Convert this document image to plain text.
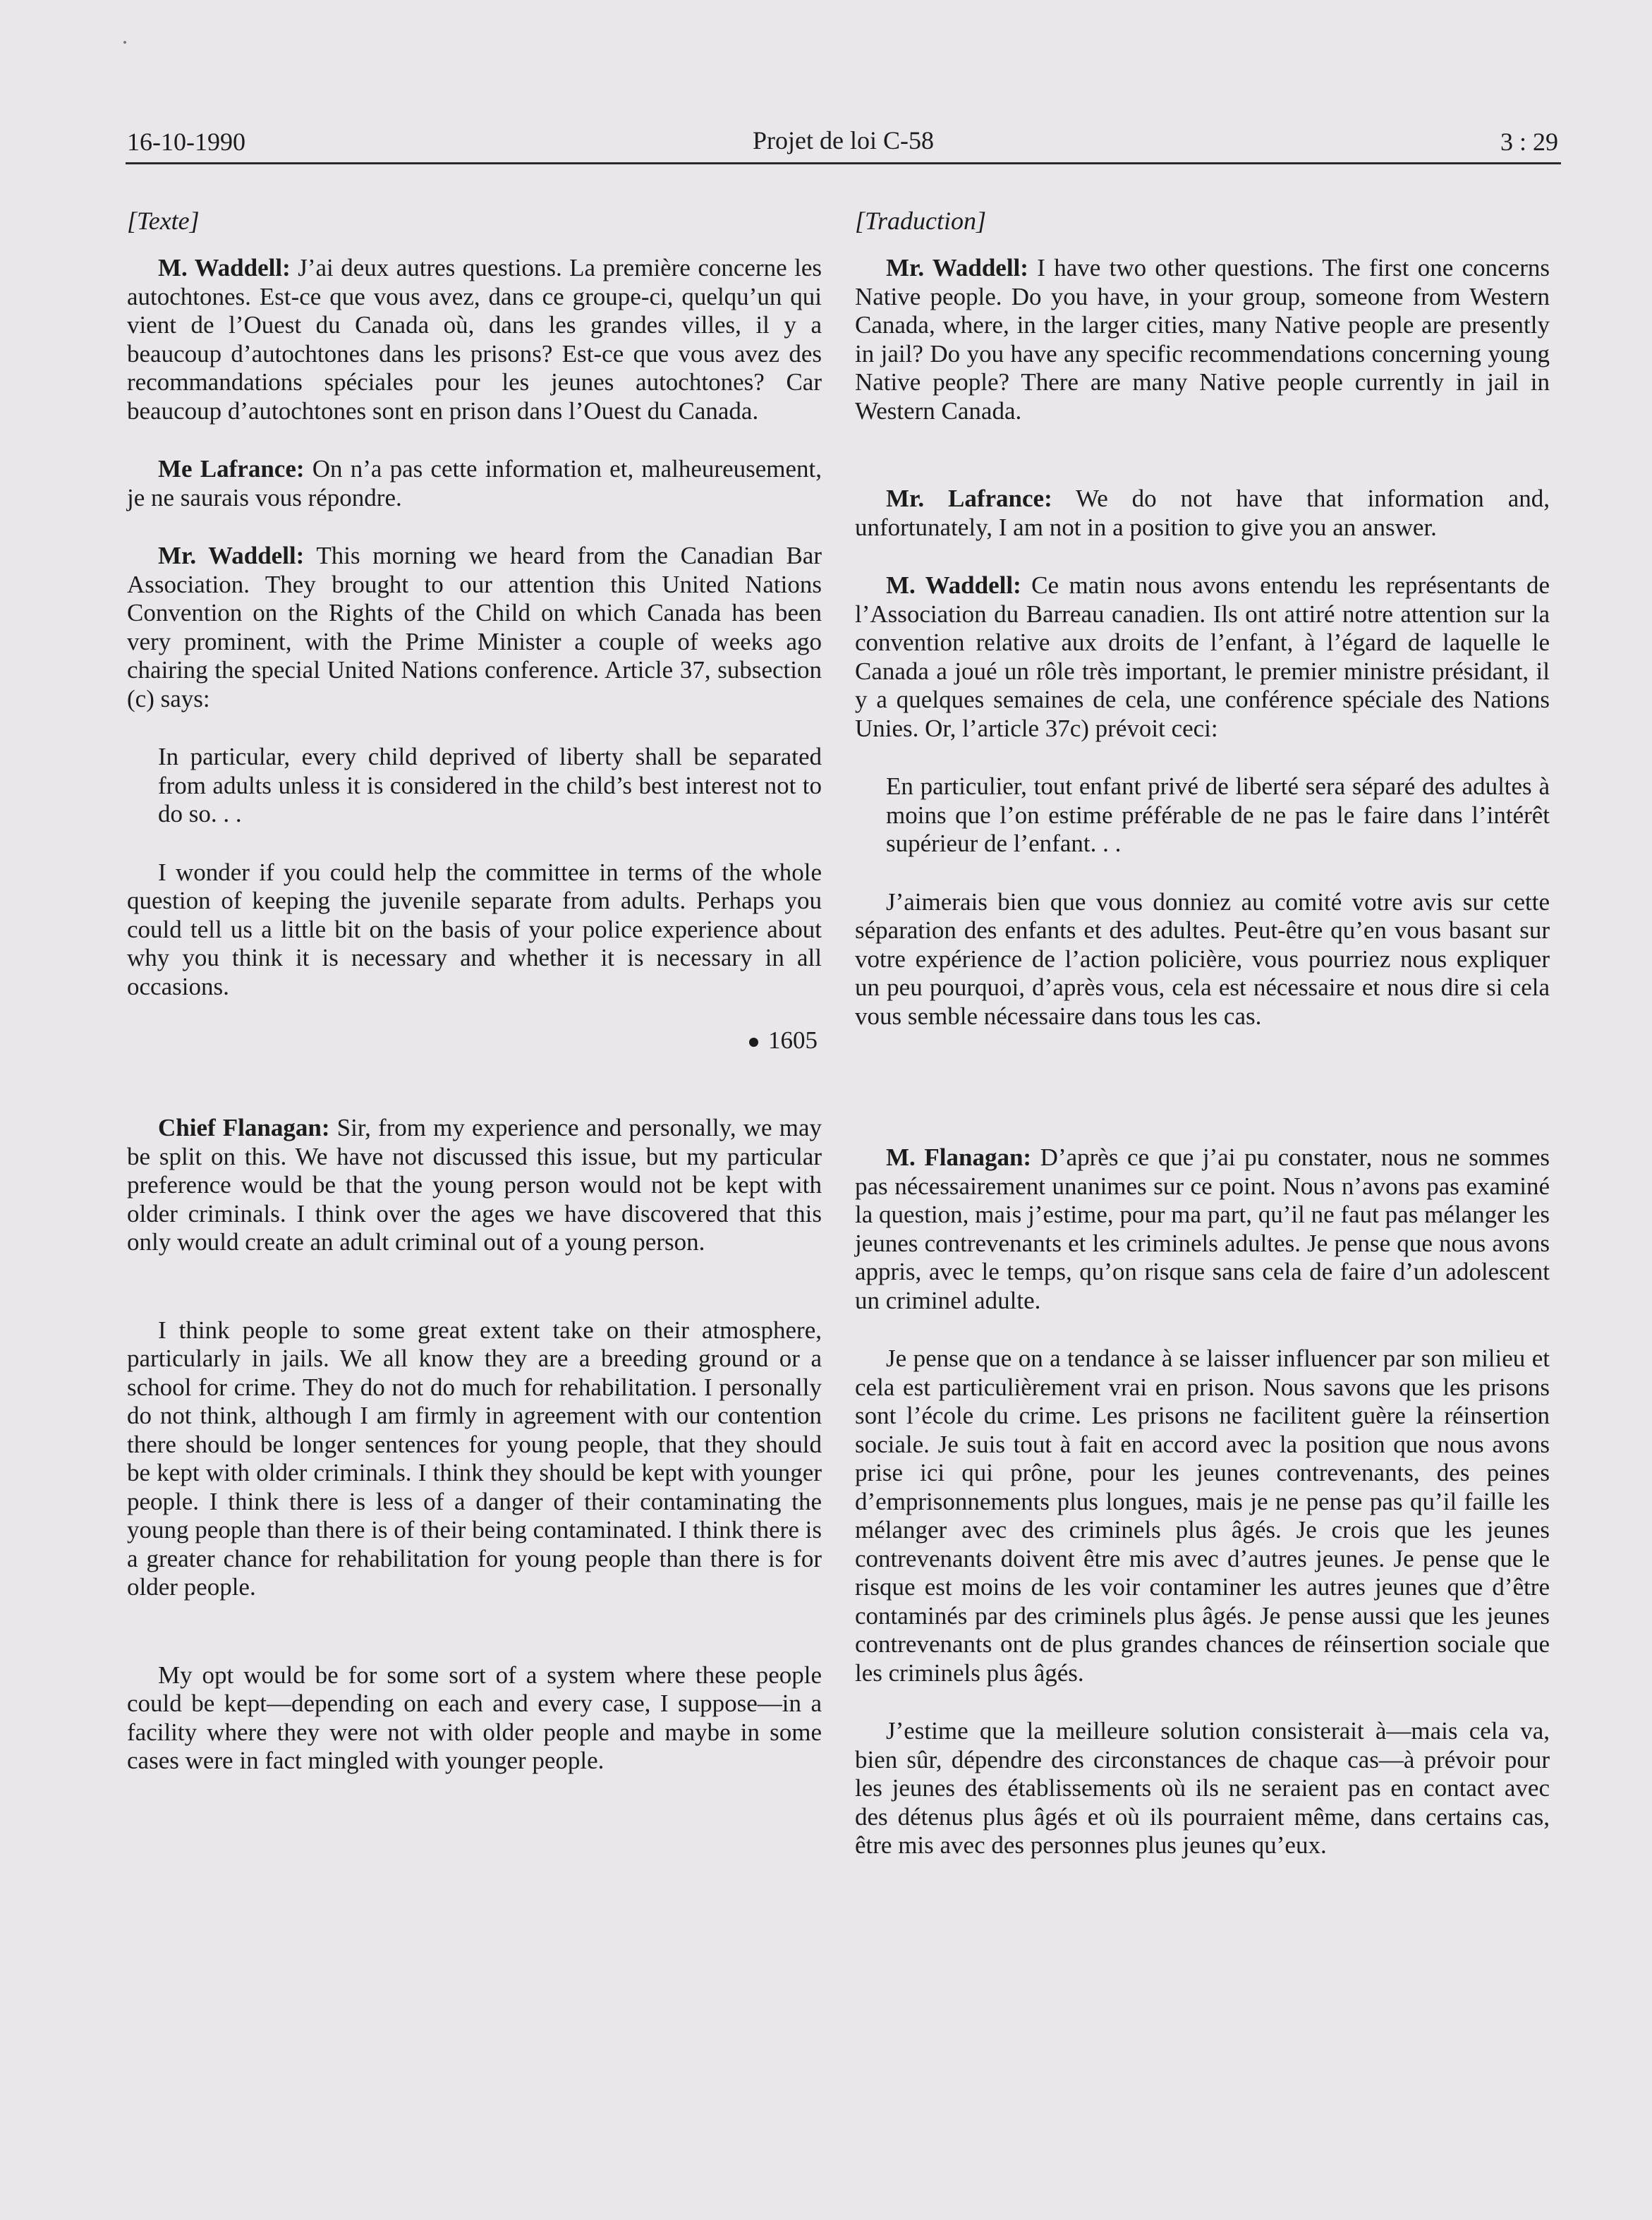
16-10-1990	Projet de loi C-58	3 : 29
[Texte]

M. Waddell: J’ai deux autres questions. La première concerne les autochtones. Est-ce que vous avez, dans ce groupe-ci, quelqu’un qui vient de l’Ouest du Canada où, dans les grandes villes, il y a beaucoup d’autochtones dans les prisons? Est-ce que vous avez des recommandations spéciales pour les jeunes autochtones? Car beaucoup d’autochtones sont en prison dans l’Ouest du Canada.

Me Lafrance: On n’a pas cette information et, malheureusement, je ne saurais vous répondre.

Mr. Waddell: This morning we heard from the Canadian Bar Association. They brought to our attention this United Nations Convention on the Rights of the Child on which Canada has been very prominent, with the Prime Minister a couple of weeks ago chairing the special United Nations conference. Article 37, subsection (c) says:

In particular, every child deprived of liberty shall be separated from adults unless it is considered in the child’s best interest not to do so. . .

I wonder if you could help the committee in terms of the whole question of keeping the juvenile separate from adults. Perhaps you could tell us a little bit on the basis of your police experience about why you think it is necessary and whether it is necessary in all occasions.

1605

Chief Flanagan: Sir, from my experience and personally, we may be split on this. We have not discussed this issue, but my particular preference would be that the young person would not be kept with older criminals. I think over the ages we have discovered that this only would create an adult criminal out of a young person.

I think people to some great extent take on their atmosphere, particularly in jails. We all know they are a breeding ground or a school for crime. They do not do much for rehabilitation. I personally do not think, although I am firmly in agreement with our contention there should be longer sentences for young people, that they should be kept with older criminals. I think they should be kept with younger people. I think there is less of a danger of their contaminating the young people than there is of their being contaminated. I think there is a greater chance for rehabilitation for young people than there is for older people.

My opt would be for some sort of a system where these people could be kept—depending on each and every case, I suppose—in a facility where they were not with older people and maybe in some cases were in fact mingled with younger people.

[Traduction]

Mr. Waddell: I have two other questions. The first one concerns Native people. Do you have, in your group, someone from Western Canada, where, in the larger cities, many Native people are presently in jail? Do you have any specific recommendations concerning young Native people? There are many Native people currently in jail in Western Canada.

Mr. Lafrance: We do not have that information and, unfortunately, I am not in a position to give you an answer.

M. Waddell: Ce matin nous avons entendu les représentants de l’Association du Barreau canadien. Ils ont attiré notre attention sur la convention relative aux droits de l’enfant, à l’égard de laquelle le Canada a joué un rôle très important, le premier ministre présidant, il y a quelques semaines de cela, une conférence spéciale des Nations Unies. Or, l’article 37c) prévoit ceci:

En particulier, tout enfant privé de liberté sera séparé des adultes à moins que l’on estime préférable de ne pas le faire dans l’intérêt supérieur de l’enfant. . .

J’aimerais bien que vous donniez au comité votre avis sur cette séparation des enfants et des adultes. Peut-être qu’en vous basant sur votre expérience de l’action policière, vous pourriez nous expliquer un peu pourquoi, d’après vous, cela est nécessaire et nous dire si cela vous semble nécessaire dans tous les cas.

M. Flanagan: D’après ce que j’ai pu constater, nous ne sommes pas nécessairement unanimes sur ce point. Nous n’avons pas examiné la question, mais j’estime, pour ma part, qu’il ne faut pas mélanger les jeunes contrevenants et les criminels adultes. Je pense que nous avons appris, avec le temps, qu’on risque sans cela de faire d’un adolescent un criminel adulte.

Je pense que on a tendance à se laisser influencer par son milieu et cela est particulièrement vrai en prison. Nous savons que les prisons sont l’école du crime. Les prisons ne facilitent guère la réinsertion sociale. Je suis tout à fait en accord avec la position que nous avons prise ici qui prône, pour les jeunes contrevenants, des peines d’emprisonnements plus longues, mais je ne pense pas qu’il faille les mélanger avec des criminels plus âgés. Je crois que les jeunes contrevenants doivent être mis avec d’autres jeunes. Je pense que le risque est moins de les voir contaminer les autres jeunes que d’être contaminés par des criminels plus âgés. Je pense aussi que les jeunes contrevenants ont de plus grandes chances de réinsertion sociale que les criminels plus âgés.

J’estime que la meilleure solution consisterait à—mais cela va, bien sûr, dépendre des circonstances de chaque cas—à prévoir pour les jeunes des établissements où ils ne seraient pas en contact avec des détenus plus âgés et où ils pourraient même, dans certains cas, être mis avec des personnes plus jeunes qu’eux.
